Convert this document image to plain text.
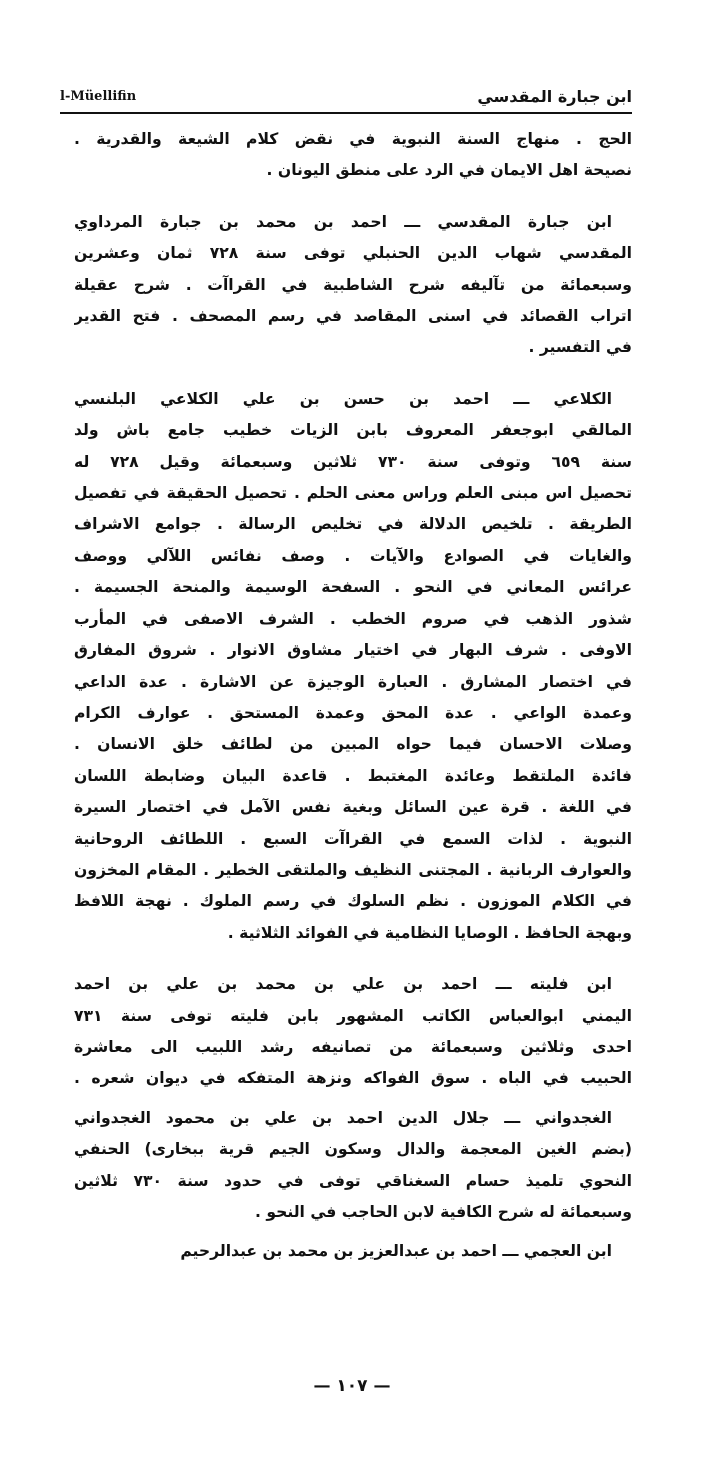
l-Müellifin	ابن جبارة المقدسي
الحج . منهاج السنة النبوية في نقض كلام الشيعة والقدرية .
نصيحة اهل الايمان في الرد على منطق اليونان .
ابن جبارة المقدسي ـــ احمد بن محمد بن جبارة المرداوي
المقدسي شهاب الدين الحنبلي توفى سنة ٧٢٨ ثمان وعشرين
وسبعمائة من تآليفه شرح الشاطبية في القراآت . شرح عقيلة
اتراب القصائد في اسنى المقاصد في رسم المصحف . فتح القدير
في التفسير .
الكلاعي ـــ احمد بن حسن بن علي الكلاعي البلنسي
المالقي ابوجعفر المعروف بابن الزيات خطيب جامع باش ولد
سنة ٦٥٩ وتوفى سنة ٧٣٠ ثلاثين وسبعمائة وقيل ٧٢٨ له
تحصيل اس مبنى العلم وراس معنى الحلم . تحصيل الحقيقة في تفصيل
الطريقة . تلخيص الدلالة في تخليص الرسالة . جوامع الاشراف
والغايات في الصوادع والآيات . وصف نفائس اللآلي ووصف
عرائس المعاني في النحو . السفحة الوسيمة والمنحة الجسيمة .
شذور الذهب في صروم الخطب . الشرف الاصفى في المأرب
الاوفى . شرف البهار في اختيار مشاوق الانوار . شروق المفارق
في اختصار المشارق . العبارة الوجيزة عن الاشارة . عدة الداعي
وعمدة الواعي . عدة المحق وعمدة المستحق . عوارف الكرام
وصلات الاحسان فيما حواه المبين من لطائف خلق الانسان .
فائدة الملتقط وعائدة المغتبط . قاعدة البيان وضابطة اللسان
في اللغة . قرة عين السائل وبغية نفس الآمل في اختصار السيرة
النبوية . لذات السمع في القراآت السبع . اللطائف الروحانية
والعوارف الربانية . المجتنى النظيف والملتقى الخطير . المقام المخزون
في الكلام الموزون . نظم السلوك في رسم الملوك . نهجة اللافظ
وبهجة الحافظ . الوصايا النظامية في الفوائد الثلاثية .
ابن فليته ـــ احمد بن علي بن محمد بن علي بن احمد
اليمني ابوالعباس الكاتب المشهور بابن فليته توفى سنة ٧٣١
احدى وثلاثين وسبعمائة من تصانيفه رشد اللبيب الى معاشرة
الحبيب في الباه . سوق الفواكه ونزهة المتفكه في ديوان شعره .
الغجدواني ـــ جلال الدين احمد بن علي بن محمود الغجدواني
(بضم الغين المعجمة والدال وسكون الجيم قرية ببخارى) الحنفي
النحوي تلميذ حسام السغناقي توفى في حدود سنة ٧٣٠ ثلاثين
وسبعمائة له شرح الكافية لابن الحاجب في النحو .
ابن العجمي ـــ احمد بن عبدالعزيز بن محمد بن عبدالرحيم
— ١٠٧ —
